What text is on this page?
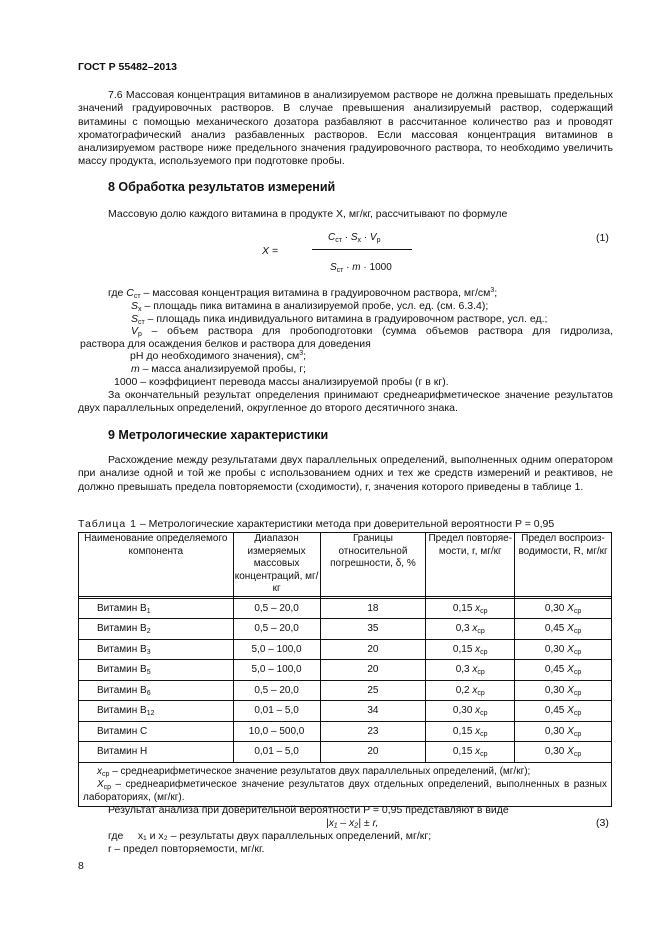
ГОСТ Р 55482–2013
7.6 Массовая концентрация витаминов в анализируемом растворе не должна превышать предельных значений градуировочных растворов. В случае превышения анализируемый раствор, содержащий витамины с помощью механического дозатора разбавляют в рассчитанное количество раз и проводят хроматографический анализ разбавленных растворов. Если массовая концентрация витаминов в анализируемом растворе ниже предельного значения градуировочного раствора, то необходимо увеличить массу продукта, используемого при подготовке пробы.
8 Обработка результатов измерений
Массовую долю каждого витамина в продукте X, мг/кг, рассчитывают по формуле
X =
$C_{ст} \cdot S_x \cdot V_p$
$S_{ст} \cdot m \cdot 1000$
(1)
где $C_{ст}$ – массовая концентрация витамина в градуировочном раствора, $мг/см^3$;
$S_x$ – площадь пика витамина в анализируемой пробе, усл. ед. (см. 6.3.4);
$S_{ст}$ – площадь пика индивидуального витамина в градуировочном растворе, усл. ед.;
$V_р$ – объем раствора для пробоподготовки (сумма объемов раствора для гидролиза,
раствора для осаждения белков и раствора для доведения
pH до необходимого значения), $см^3$;
m – масса анализируемой пробы, г;
1000 – коэффициент перевода массы анализируемой пробы (г в кг).
За окончательный результат определения принимают среднеарифметическое значение результатов двух параллельных определений, округленное до второго десятичного знака.
9 Метрологические характеристики
Расхождение между результатами двух параллельных определений, выполненных одним оператором при анализе одной и той же пробы с использованием одних и тех же средств измерений и реактивов, не должно превышать предела повторяемости (сходимости), r, значения которого приведены в таблице 1.
Таблица 1 – Метрологические характеристики метода при доверительной вероятности P = 0,95
Наименование определяемого компонента	Диапазон измеряемых массовых концентраций, мг/кг	Границы относительной погрешности, δ, %	Предел повторяе-мости, r, мг/кг	Предел воспроиз-водимости, R, мг/кг

Витамин $B_1$	0,5 – 20,0	18	0,15 $x_{ср}$	0,30 $X_{ср}$
Витамин $B_2$	0,5 – 20,0	35	0,3 $x_{ср}$	0,45 $X_{ср}$
Витамин $B_3$	5,0 – 100,0	20	0,15 $x_{ср}$	0,30 $X_{ср}$
Витамин $B_5$	5,0 – 100,0	20	0,3 $x_{ср}$	0,45 $X_{ср}$
Витамин $B_6$	0,5 – 20,0	25	0,2 $x_{ср}$	0,30 $X_{ср}$
Витамин $B_{12}$	0,01 – 5,0	34	0,30 $x_{ср}$	0,45 $X_{ср}$
Витамин C	10,0 – 500,0	23	0,15 $x_{ср}$	0,30 $X_{ср}$
Витамин H	0,01 – 5,0	20	0,15 $x_{ср}$	0,30 $X_{ср}$

$x_{ср}$ – среднеарифметическое значение результатов двух параллельных определений, (мг/кг);
$X_{ср}$ – среднеарифметическое значение результатов двух отдельных определений, выполненных в разных лабораториях, (мг/кг).				
Результат анализа при доверительной вероятности P = 0,95 представляют в виде
|x₁ – x₂| ± r,	(3)
где x₁ и x₂ – результаты двух параллельных определений, мг/кг;
r – предел повторяемости, мг/кг.
8
